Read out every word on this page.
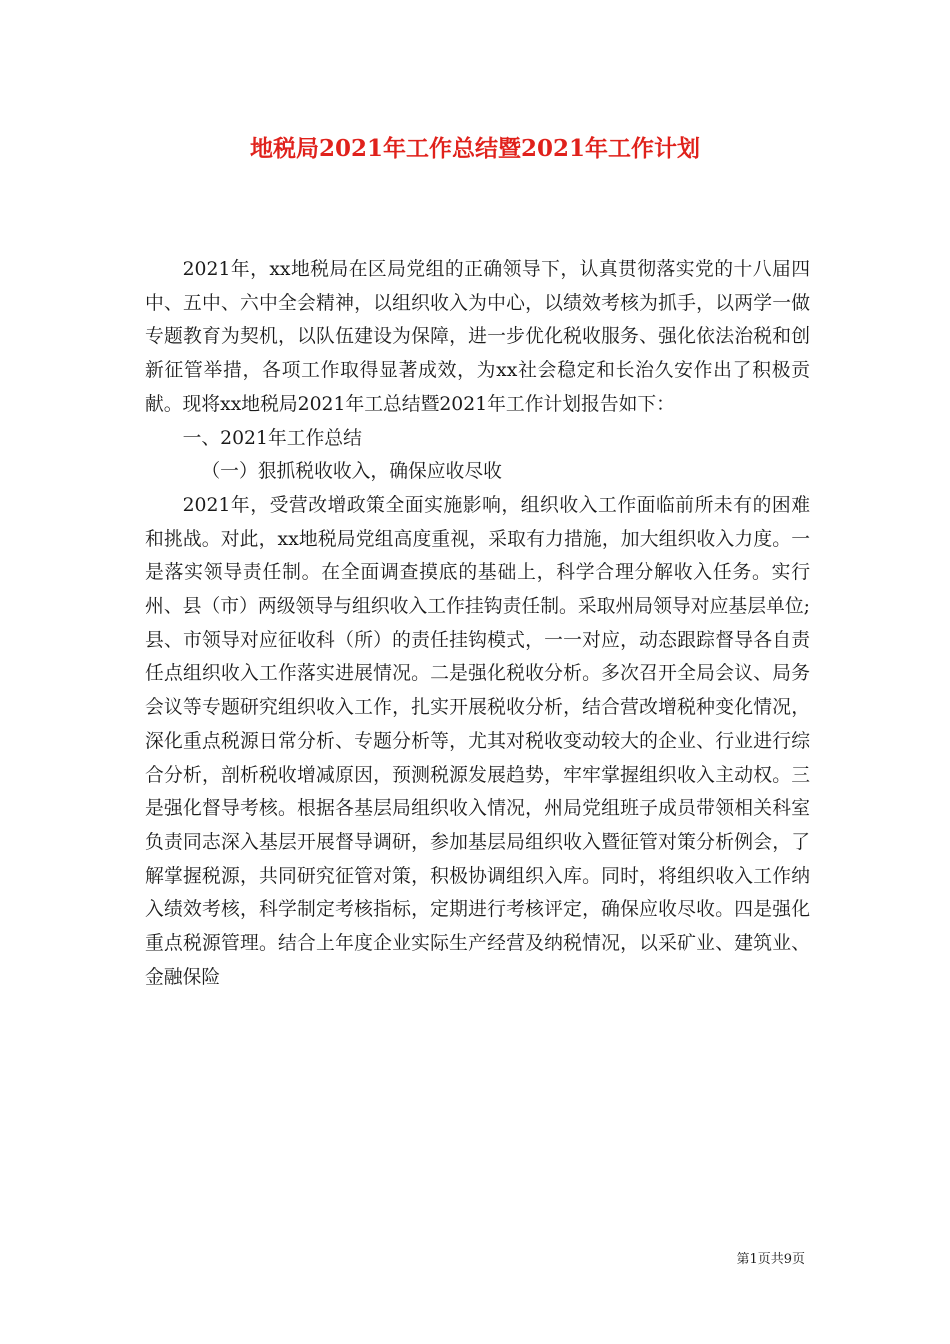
地税局2021年工作总结暨2021年工作计划

2021年，xx地税局在区局党组的正确领导下，认真贯彻落实党的十八届四中、五中、六中全会精神，以组织收入为中心，以绩效考核为抓手，以两学一做专题教育为契机，以队伍建设为保障，进一步优化税收服务、强化依法治税和创新征管举措，各项工作取得显著成效，为xx社会稳定和长治久安作出了积极贡献。现将xx地税局2021年工总结暨2021年工作计划报告如下：

一、2021年工作总结

（一）狠抓税收收入，确保应收尽收

2021年，受营改增政策全面实施影响，组织收入工作面临前所未有的困难和挑战。对此，xx地税局党组高度重视，采取有力措施，加大组织收入力度。一是落实领导责任制。在全面调查摸底的基础上，科学合理分解收入任务。实行州、县（市）两级领导与组织收入工作挂钩责任制。采取州局领导对应基层单位;县、市领导对应征收科（所）的责任挂钩模式，一一对应，动态跟踪督导各自责任点组织收入工作落实进展情况。二是强化税收分析。多次召开全局会议、局务会议等专题研究组织收入工作，扎实开展税收分析，结合营改增税种变化情况，深化重点税源日常分析、专题分析等，尤其对税收变动较大的企业、行业进行综合分析，剖析税收增减原因，预测税源发展趋势，牢牢掌握组织收入主动权。三是强化督导考核。根据各基层局组织收入情况，州局党组班子成员带领相关科室负责同志深入基层开展督导调研，参加基层局组织收入暨征管对策分析例会，了解掌握税源，共同研究征管对策，积极协调组织入库。同时，将组织收入工作纳入绩效考核，科学制定考核指标，定期进行考核评定，确保应收尽收。四是强化重点税源管理。结合上年度企业实际生产经营及纳税情况，以采矿业、建筑业、金融保险

第1页共9页
